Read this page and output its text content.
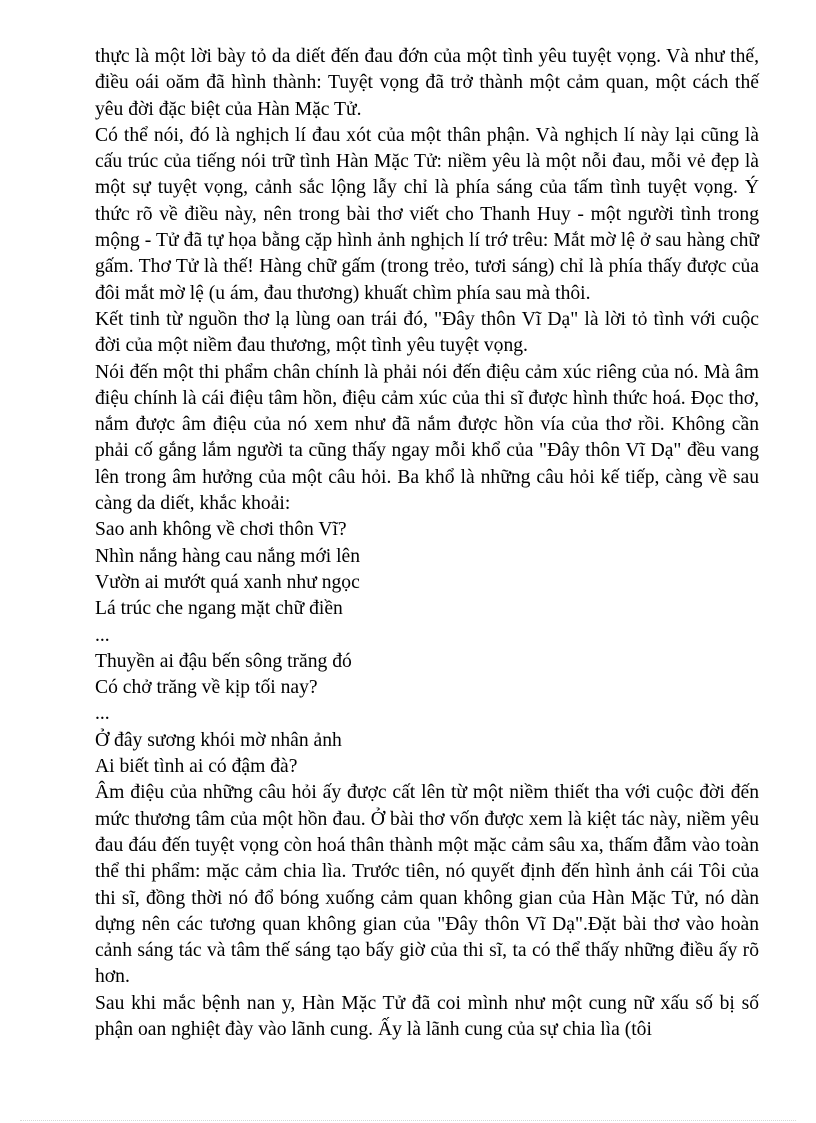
thực là một lời bày tỏ da diết đến đau đớn của một tình yêu tuyệt vọng. Và như thế, điều oái oăm đã hình thành: Tuyệt vọng đã trở thành một cảm quan, một cách thế yêu đời đặc biệt của Hàn Mặc Tử.

Có thể nói, đó là nghịch lí đau xót của một thân phận. Và nghịch lí này lại cũng là cấu trúc của tiếng nói trữ tình Hàn Mặc Tử: niềm yêu là một nỗi đau, mỗi vẻ đẹp là một sự tuyệt vọng, cảnh sắc lộng lẫy chỉ là phía sáng của tấm tình tuyệt vọng. Ý thức rõ về điều này, nên trong bài thơ viết cho Thanh Huy - một người tình trong mộng - Tử đã tự họa bằng cặp hình ảnh nghịch lí trớ trêu: Mắt mờ lệ ở sau hàng chữ gấm. Thơ Tử là thế! Hàng chữ gấm (trong trẻo, tươi sáng) chỉ là phía thấy được của đôi mắt mờ lệ (u ám, đau thương) khuất chìm phía sau mà thôi.

Kết tinh từ nguồn thơ lạ lùng oan trái đó, "Đây thôn Vĩ Dạ" là lời tỏ tình với cuộc đời của một niềm đau thương, một tình yêu tuyệt vọng.

Nói đến một thi phẩm chân chính là phải nói đến điệu cảm xúc riêng của nó. Mà âm điệu chính là cái điệu tâm hồn, điệu cảm xúc của thi sĩ được hình thức hoá. Đọc thơ, nắm được âm điệu của nó xem như đã nắm được hồn vía của thơ rồi. Không cần phải cố gắng lắm người ta cũng thấy ngay mỗi khổ của "Đây thôn Vĩ Dạ" đều vang lên trong âm hưởng của một câu hỏi. Ba khổ là những câu hỏi kế tiếp, càng về sau càng da diết, khắc khoải:

Sao anh không về chơi thôn Vĩ?

Nhìn nắng hàng cau nắng mới lên

Vườn ai mướt quá xanh như ngọc

Lá trúc che ngang mặt chữ điền

...

Thuyền ai đậu bến sông trăng đó

Có chở trăng về kịp tối nay?

...

Ở đây sương khói mờ nhân ảnh

Ai biết tình ai có đậm đà?

Âm điệu của những câu hỏi ấy được cất lên từ một niềm thiết tha với cuộc đời đến mức thương tâm của một hồn đau. Ở bài thơ vốn được xem là kiệt tác này, niềm yêu đau đáu đến tuyệt vọng còn hoá thân thành một mặc cảm sâu xa, thấm đẫm vào toàn thể thi phẩm: mặc cảm chia lìa. Trước tiên, nó quyết định đến hình ảnh cái Tôi của thi sĩ, đồng thời nó đổ bóng xuống cảm quan không gian của Hàn Mặc Tử, nó dàn dựng nên các tương quan không gian của "Đây thôn Vĩ Dạ".Đặt bài thơ vào hoàn cảnh sáng tác và tâm thế sáng tạo bấy giờ của thi sĩ, ta có thể thấy những điều ấy rõ hơn.

Sau khi mắc bệnh nan y, Hàn Mặc Tử đã coi mình như một cung nữ xấu số bị số phận oan nghiệt đày vào lãnh cung. Ấy là lãnh cung của sự chia lìa (tôi
